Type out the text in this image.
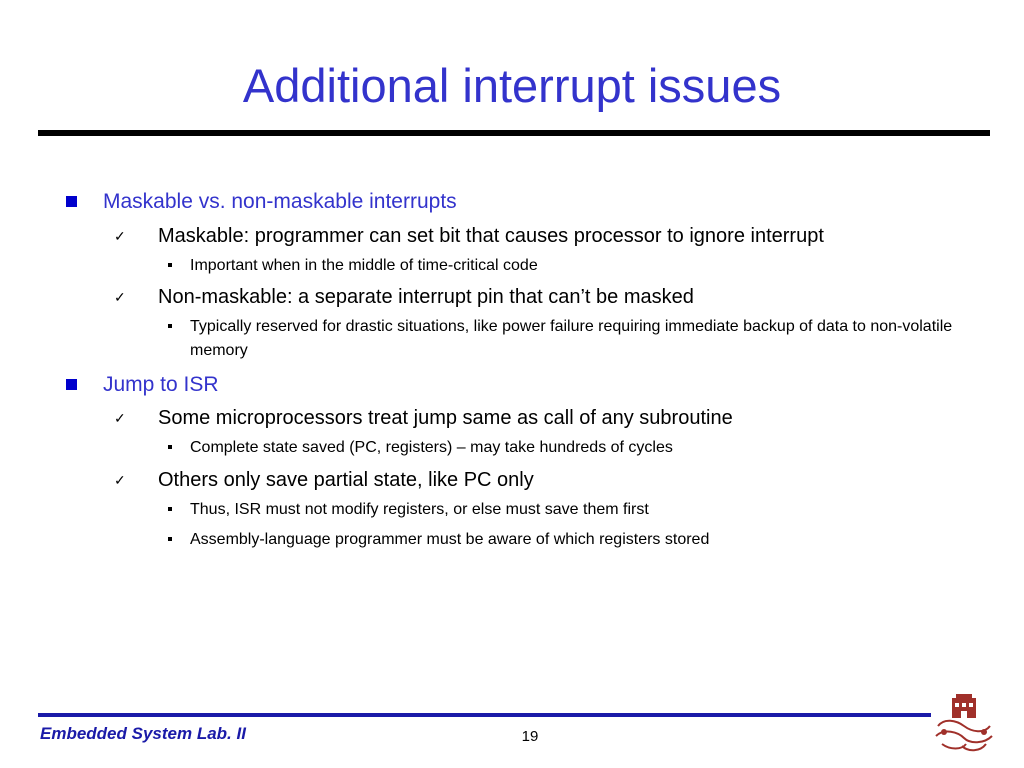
Additional interrupt issues
Maskable vs. non-maskable interrupts
✓	Maskable: programmer can set bit that causes processor to ignore interrupt
Important when in the middle of time-critical code
✓	Non-maskable: a separate interrupt pin that can’t be masked
Typically reserved for drastic situations, like power failure requiring immediate backup of data to non-volatile memory
Jump to ISR
✓	Some microprocessors treat jump same as call of any subroutine
Complete state saved (PC, registers) – may take hundreds of cycles
✓	Others only save partial state, like PC only
Thus, ISR must not modify registers, or else must save them first
Assembly-language programmer must be aware of which registers stored
Embedded System Lab. II	19
